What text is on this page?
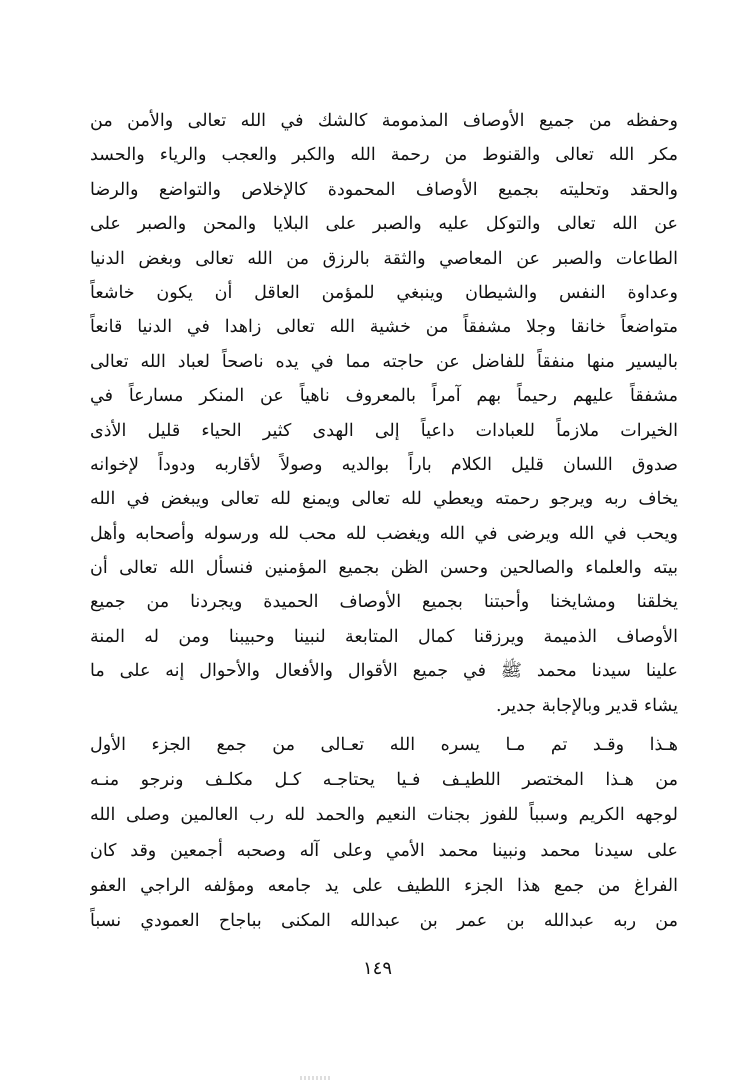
وحفظه من جميع الأوصاف المذمومة كالشك في الله تعالى والأمن من
مكر الله تعالى والقنوط من رحمة الله والكبر والعجب والرياء والحسد
والحقد وتحليته بجميع الأوصاف المحمودة كالإخلاص والتواضع والرضا
عن الله تعالى والتوكل عليه والصبر على البلايا والمحن والصبر على
الطاعات والصبر عن المعاصي والثقة بالرزق من الله تعالى وبغض الدنيا
وعداوة النفس والشيطان وينبغي للمؤمن العاقل أن يكون خاشعاً
متواضعاً خانقا وجلا مشفقاً من خشية الله تعالى زاهدا في الدنيا قانعاً
باليسير منها منفقاً للفاضل عن حاجته مما في يده ناصحاً لعباد الله تعالى
مشفقاً عليهم رحيماً بهم آمراً بالمعروف ناهياً عن المنكر مسارعاً في
الخيرات ملازماً للعبادات داعياً إلى الهدى كثير الحياء قليل الأذى
صدوق اللسان قليل الكلام باراً بوالديه وصولاً لأقاربه ودوداً لإخوانه
يخاف ربه ويرجو رحمته ويعطي لله تعالى ويمنع لله تعالى ويبغض في الله
ويحب في الله ويرضى في الله ويغضب لله محب لله ورسوله وأصحابه وأهل
بيته والعلماء والصالحين وحسن الظن بجميع المؤمنين فنسأل الله تعالى أن
يخلقنا ومشايخنا وأحبتنا بجميع الأوصاف الحميدة ويجردنا من جميع
الأوصاف الذميمة ويرزقنا كمال المتابعة لنبينا وحبيبنا ومن له المنة
علينا سيدنا محمد ﷺ في جميع الأقوال والأفعال والأحوال إنه على ما
يشاء قدير وبالإجابة جدير.
هـذا وقـد تم مـا يسره الله تعـالى من جمع الجزء الأول
من هـذا المختصر اللطيـف فـيا يحتاجـه كـل مكلـف ونرجو منـه
لوجهه الكريم وسبباً للفوز بجنات النعيم والحمد لله رب العالمين وصلى الله
على سيدنا محمد ونبينا محمد الأمي وعلى آله وصحبه أجمعين وقد كان
الفراغ من جمع هذا الجزء اللطيف على يد جامعه ومؤلفه الراجي العفو
من ربه عبدالله بن عمر بن عبدالله المكنى بباجاح العمودي نسباً
١٤٩
